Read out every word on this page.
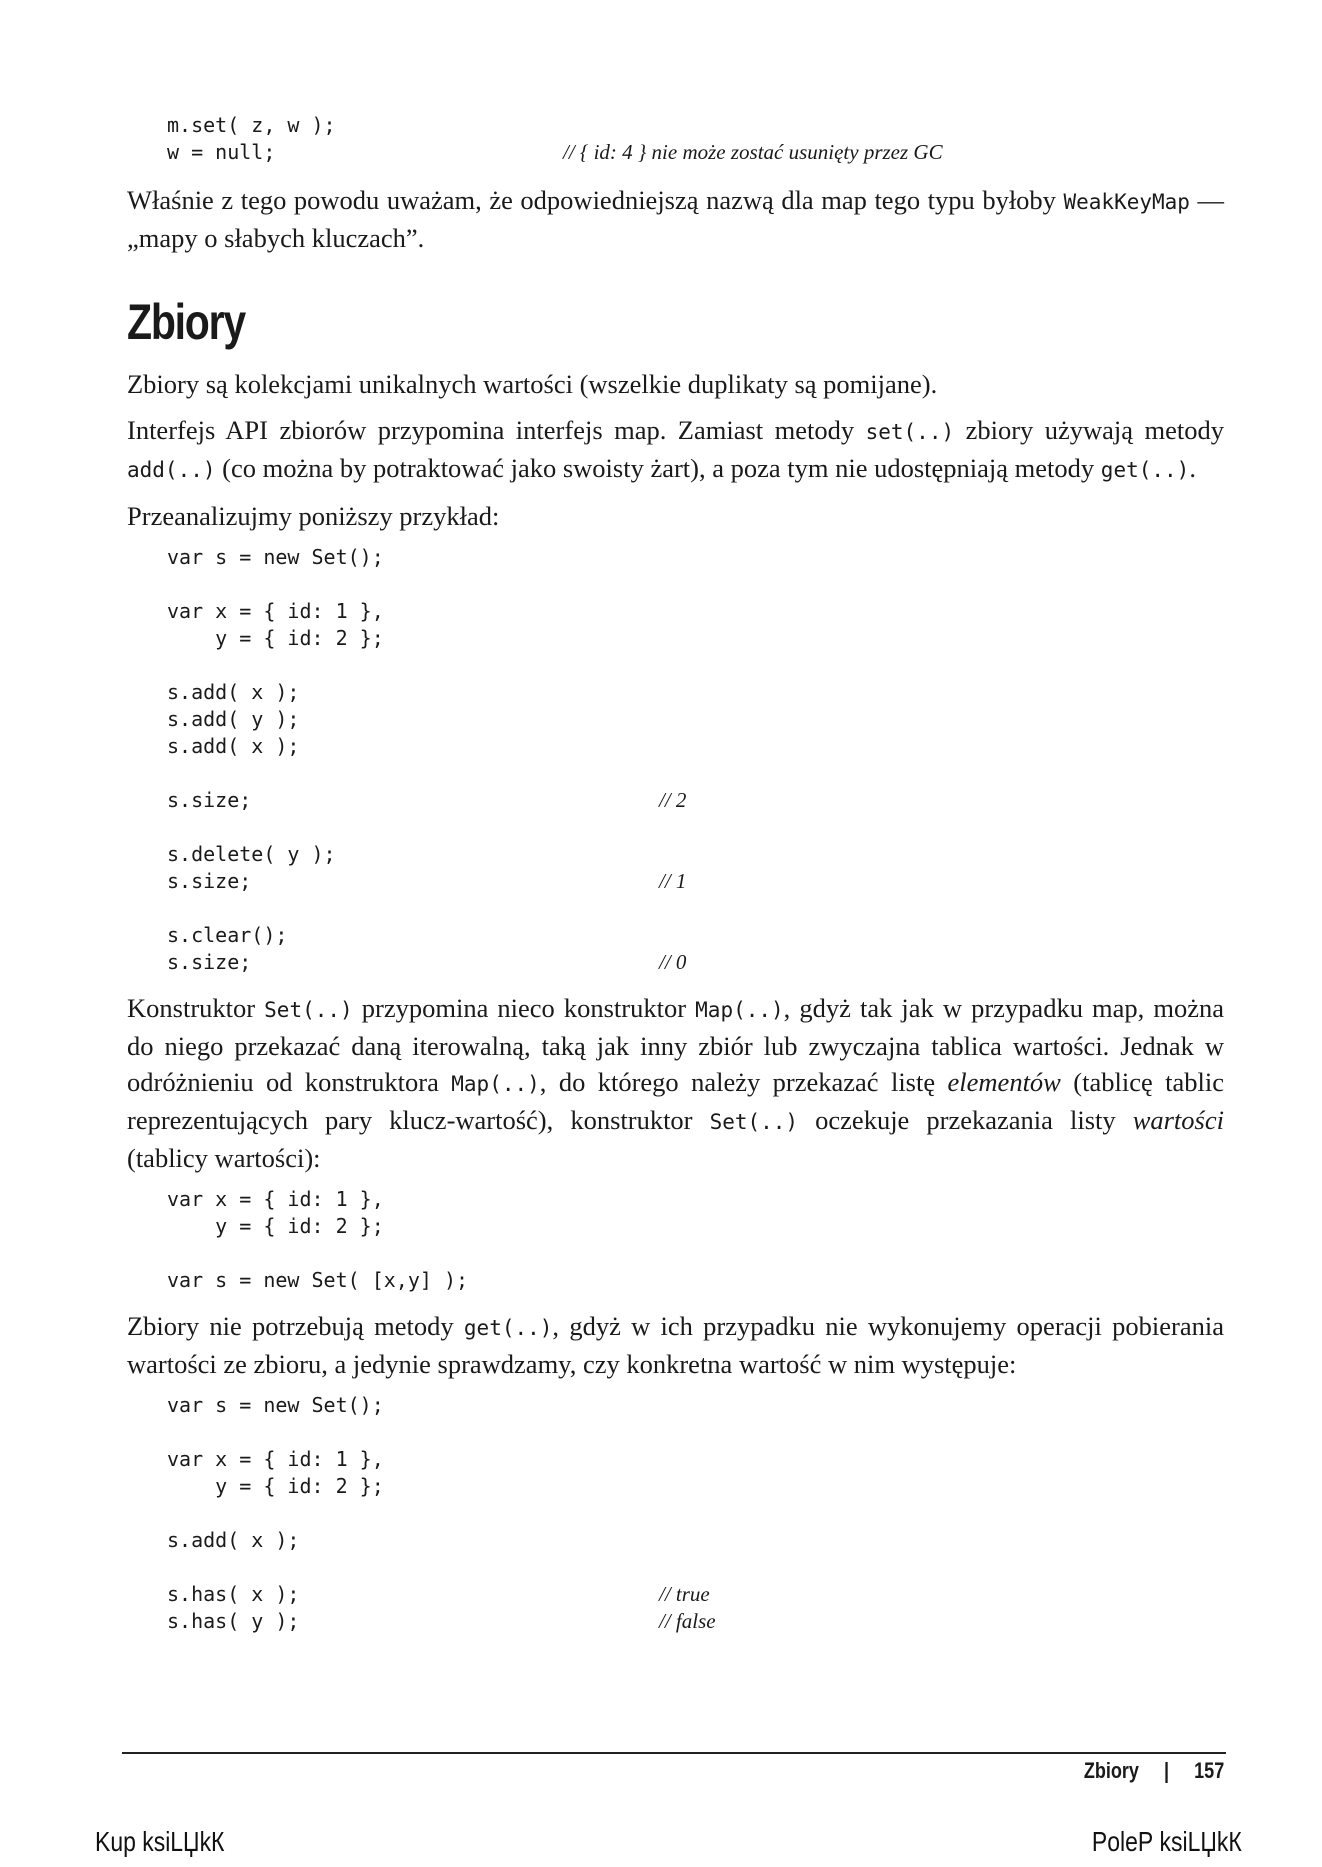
m.set( z, w );
w = null;	// { id: 4 } nie może zostać usunięty przez GC

Właśnie z tego powodu uważam, że odpowiedniejszą nazwą dla map tego typu byłoby WeakKeyMap — „mapy o słabych kluczach”.

Zbiory

Zbiory są kolekcjami unikalnych wartości (wszelkie duplikaty są pomijane).

Interfejs API zbiorów przypomina interfejs map. Zamiast metody set(..) zbiory używają metody add(..) (co można by potraktować jako swoisty żart), a poza tym nie udostępniają metody get(..).

Przeanalizujmy poniższy przykład:

var s = new Set();
var x = { id: 1 },
y = { id: 2 };
s.add( x );
s.add( y );
s.add( x );
s.size;	// 2
s.delete( y );
s.size;	// 1
s.clear();
s.size;	// 0

Konstruktor Set(..) przypomina nieco konstruktor Map(..), gdyż tak jak w przypadku map, można do niego przekazać daną iterowalną, taką jak inny zbiór lub zwyczajna tablica wartości. Jednak w odróżnieniu od konstruktora Map(..), do którego należy przekazać listę elementów (tablicę tablic reprezentujących pary klucz-wartość), konstruktor Set(..) oczekuje przekazania listy wartości (tablicy wartości):

var x = { id: 1 },
y = { id: 2 };
var s = new Set( [x,y] );

Zbiory nie potrzebują metody get(..), gdyż w ich przypadku nie wykonujemy operacji pobierania wartości ze zbioru, a jedynie sprawdzamy, czy konkretna wartość w nim występuje:

var s = new Set();
var x = { id: 1 },
y = { id: 2 };
s.add( x );
s.has( x );	// true
s.has( y );	// false
Zbiory | 157
Kup ksiLЏkК	PoleР ksiLЏkК
